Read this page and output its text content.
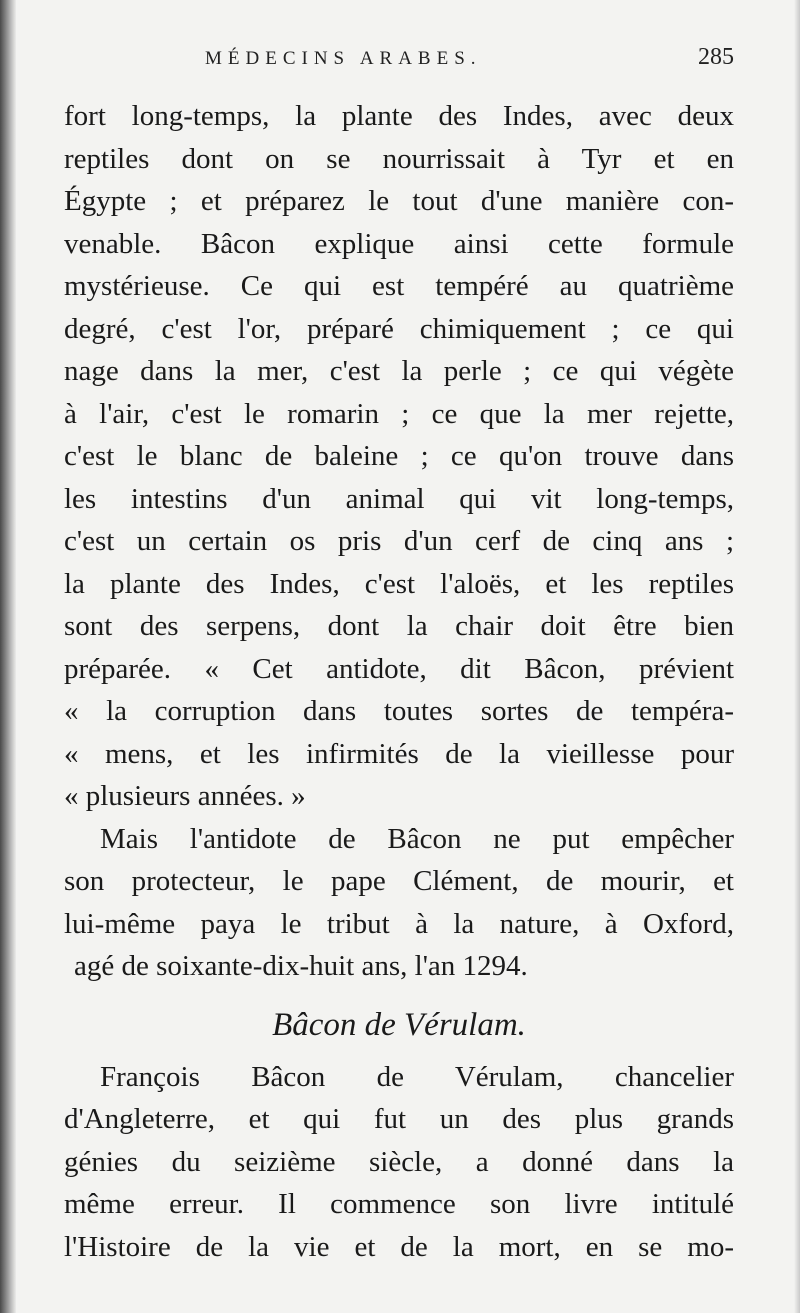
MÉDECINS ARABES.	285
fort long-temps, la plante des Indes, avec deux
reptiles dont on se nourrissait à Tyr et en
Égypte ; et préparez le tout d'une manière con-
venable. Bâcon explique ainsi cette formule
mystérieuse. Ce qui est tempéré au quatrième
degré, c'est l'or, préparé chimiquement ; ce qui
nage dans la mer, c'est la perle ; ce qui végète
à l'air, c'est le romarin ; ce que la mer rejette,
c'est le blanc de baleine ; ce qu'on trouve dans
les intestins d'un animal qui vit long-temps,
c'est un certain os pris d'un cerf de cinq ans ;
la plante des Indes, c'est l'aloës, et les reptiles
sont des serpens, dont la chair doit être bien
préparée. « Cet antidote, dit Bâcon, prévient
« la corruption dans toutes sortes de tempéra-
« mens, et les infirmités de la vieillesse pour
« plusieurs années. »
Mais l'antidote de Bâcon ne put empêcher
son protecteur, le pape Clément, de mourir, et
lui-même paya le tribut à la nature, à Oxford,
agé de soixante-dix-huit ans, l'an 1294.
Bâcon de Vérulam.
François Bâcon de Vérulam, chancelier
d'Angleterre, et qui fut un des plus grands
génies du seizième siècle, a donné dans la
même erreur. Il commence son livre intitulé
l'Histoire de la vie et de la mort, en se mo-
